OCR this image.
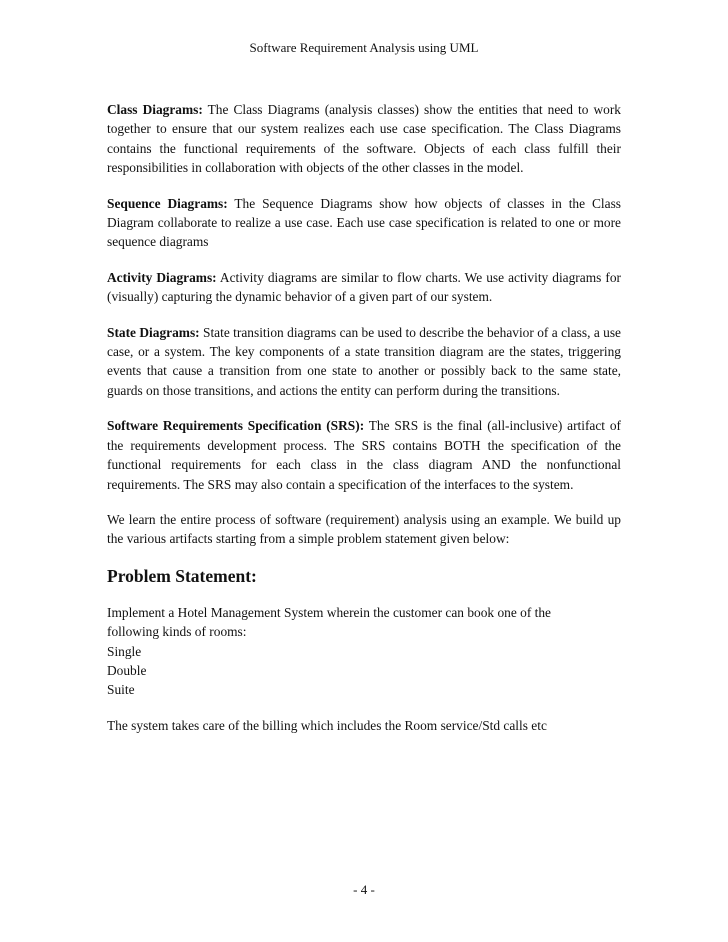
Software Requirement Analysis using UML

Class Diagrams: The Class Diagrams (analysis classes) show the entities that need to work together to ensure that our system realizes each use case specification. The Class Diagrams contains the functional requirements of the software. Objects of each class fulfill their responsibilities in collaboration with objects of the other classes in the model.

Sequence Diagrams: The Sequence Diagrams show how objects of classes in the Class Diagram collaborate to realize a use case. Each use case specification is related to one or more sequence diagrams

Activity Diagrams: Activity diagrams are similar to flow charts. We use activity diagrams for (visually) capturing the dynamic behavior of a given part of our system.

State Diagrams: State transition diagrams can be used to describe the behavior of a class, a use case, or a system. The key components of a state transition diagram are the states, triggering events that cause a transition from one state to another or possibly back to the same state, guards on those transitions, and actions the entity can perform during the transitions.

Software Requirements Specification (SRS): The SRS is the final (all-inclusive) artifact of the requirements development process. The SRS contains BOTH the specification of the functional requirements for each class in the class diagram AND the nonfunctional requirements. The SRS may also contain a specification of the interfaces to the system.

We learn the entire process of software (requirement) analysis using an example. We build up the various artifacts starting from a simple problem statement given below:

Problem Statement:

Implement a Hotel Management System wherein the customer can book one of the
following kinds of rooms:
Single
Double
Suite

The system takes care of the billing which includes the Room service/Std calls etc

- 4 -
